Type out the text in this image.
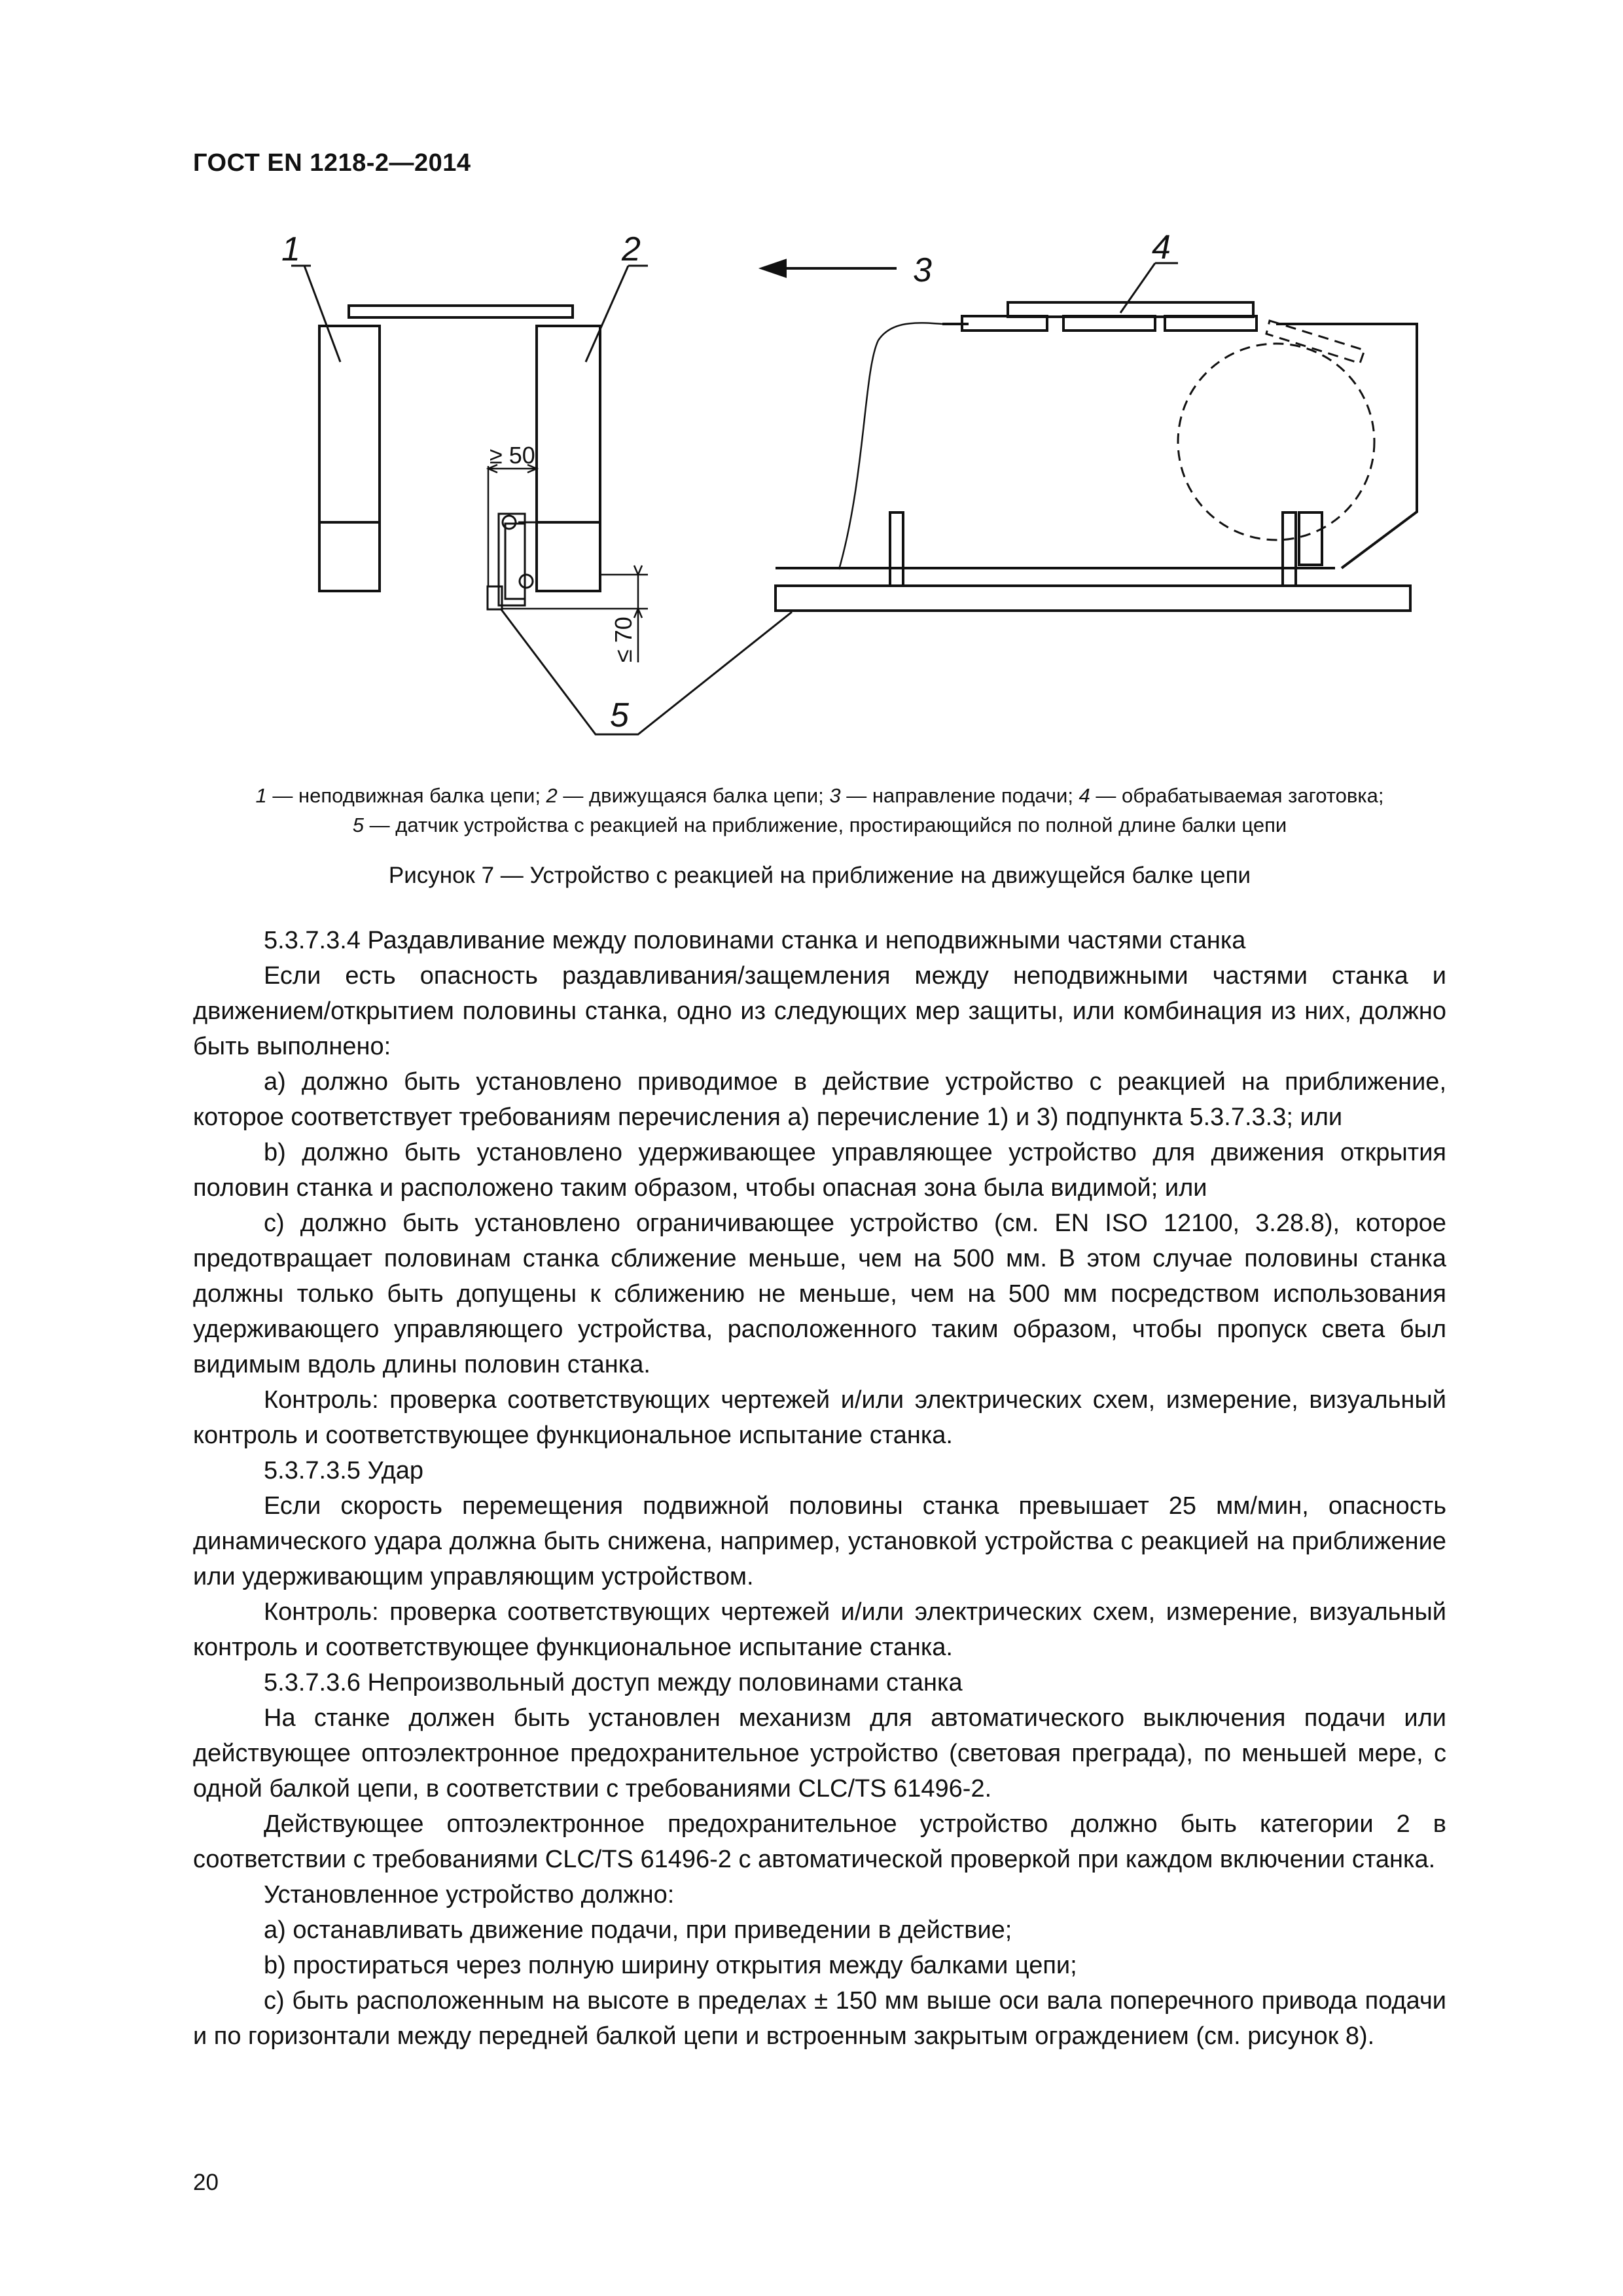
ГОСТ EN 1218-2—2014
1	2
3
4
5
≥ 50
≤ 70
1 — неподвижная балка цепи; 2 — движущаяся балка цепи; 3 — направление подачи; 4 — обрабатываемая заготовка;
5 — датчик устройства с реакцией на приближение, простирающийся по полной длине балки цепи
Рисунок 7 — Устройство с реакцией на приближение на движущейся балке цепи

5.3.7.3.4 Раздавливание между половинами станка и неподвижными частями станка

Если есть опасность раздавливания/защемления между неподвижными частями станка и движением/открытием половины станка, одно из следующих мер защиты, или комбинация из них, должно быть выполнено:

а) должно быть установлено приводимое в действие устройство с реакцией на приближение, которое соответствует требованиям перечисления а) перечисление 1) и 3) подпункта 5.3.7.3.3; или

b) должно быть установлено удерживающее управляющее устройство для движения открытия половин станка и расположено таким образом, чтобы опасная зона была видимой; или

с) должно быть установлено ограничивающее устройство (см. EN ISO 12100, 3.28.8), которое предотвращает половинам станка сближение меньше, чем на 500 мм. В этом случае половины станка должны только быть допущены к сближению не меньше, чем на 500 мм посредством использования удерживающего управляющего устройства, расположенного таким образом, чтобы пропуск света был видимым вдоль длины половин станка.

Контроль: проверка соответствующих чертежей и/или электрических схем, измерение, визуальный контроль и соответствующее функциональное испытание станка.

5.3.7.3.5 Удар

Если скорость перемещения подвижной половины станка превышает 25 мм/мин, опасность динамического удара должна быть снижена, например, установкой устройства с реакцией на приближение или удерживающим управляющим устройством.

Контроль: проверка соответствующих чертежей и/или электрических схем, измерение, визуальный контроль и соответствующее функциональное испытание станка.

5.3.7.3.6 Непроизвольный доступ между половинами станка

На станке должен быть установлен механизм для автоматического выключения подачи или действующее оптоэлектронное предохранительное устройство (световая преграда), по меньшей мере, с одной балкой цепи, в соответствии с требованиями CLC/TS 61496-2.

Действующее оптоэлектронное предохранительное устройство должно быть категории 2 в соответствии с требованиями CLC/TS 61496-2 с автоматической проверкой при каждом включении станка.

Установленное устройство должно:

а) останавливать движение подачи, при приведении в действие;

b) простираться через полную ширину открытия между балками цепи;

с) быть расположенным на высоте в пределах ± 150 мм выше оси вала поперечного привода подачи и по горизонтали между передней балкой цепи и встроенным закрытым ограждением (см. рисунок 8).

20
